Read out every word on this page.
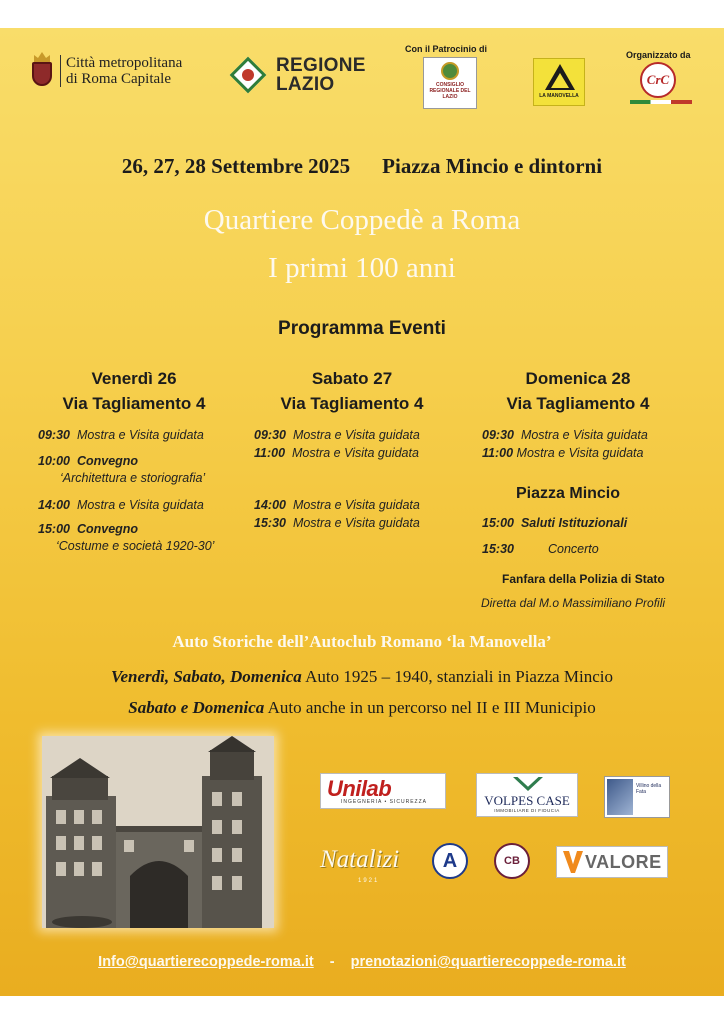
Città metropolitana
di Roma Capitale
REGIONE
LAZIO
Con il Patrocinio di
CONSIGLIO REGIONALE DEL LAZIO	LA MANOVELLA
Organizzato da
CrC
26, 27, 28 Settembre 2025 Piazza Mincio e dintorni
Quartiere Coppedè a Roma
I primi 100 anni
Programma Eventi
Venerdì 26
Via Tagliamento 4
09:30 Mostra e Visita guidata
10:00 Convegno
‘Architettura e storiografia’
14:00 Mostra e Visita guidata
15:00 Convegno
‘Costume e società 1920-30’
Sabato 27
Via Tagliamento 4
09:30 Mostra e Visita guidata
11:00 Mostra e Visita guidata
14:00 Mostra e Visita guidata
15:30 Mostra e Visita guidata
Domenica 28
Via Tagliamento 4
09:30 Mostra e Visita guidata
11:00 Mostra e Visita guidata
Piazza Mincio
15:00 Saluti Istituzionali
15:30	Concerto
Fanfara della Polizia di Stato
Diretta dal M.o Massimiliano Profili
Auto Storiche dell’Autoclub Romano ‘la Manovella’
Venerdì, Sabato, Domenica Auto 1925 – 1940, stanziali in Piazza Mincio
Sabato e Domenica Auto anche in un percorso nel II e III Municipio
Unilab
INGEGNERIA • SICUREZZA	VOLPES CASE
IMMOBILIARE DI FIDUCIA
Villino della Fata
Natalizi
1921
A	CB	VALORE
Info@quartierecoppede-roma.it - prenotazioni@quartierecoppede-roma.it
